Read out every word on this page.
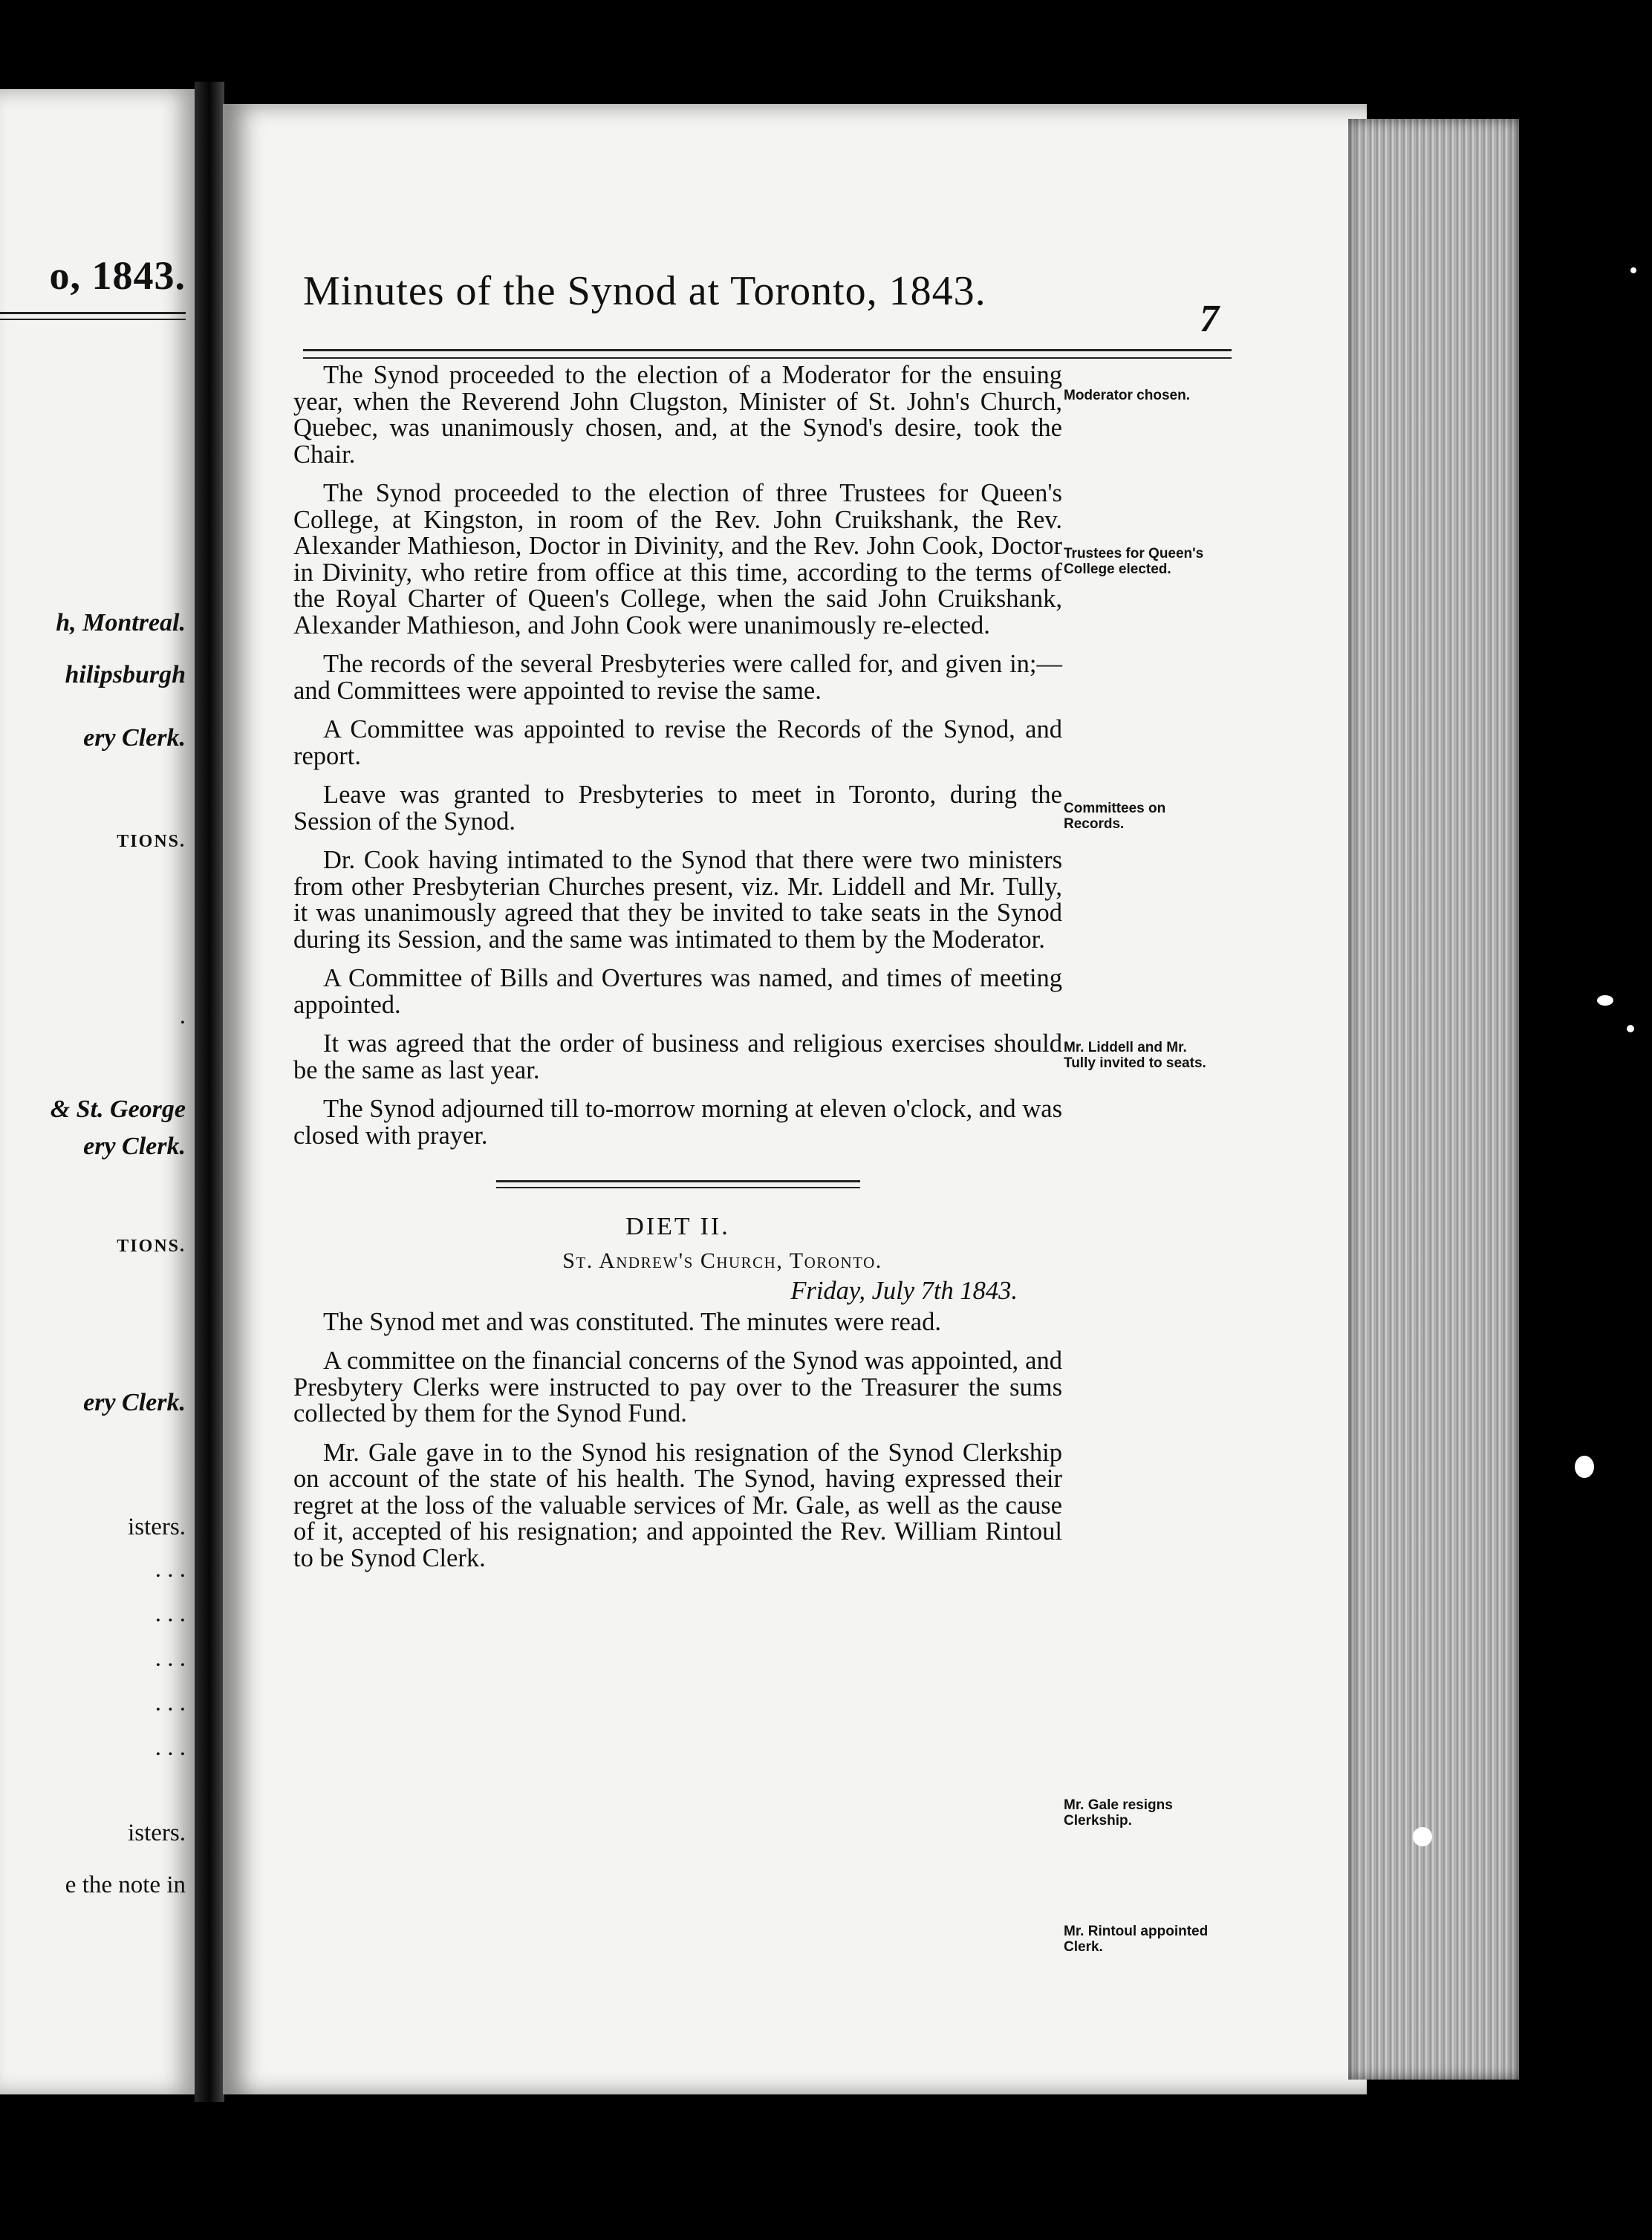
o, 1843.
h, Montreal.
hilipsburgh
ery Clerk.
TIONS.
.
& St. George
ery Clerk.
TIONS.
ery Clerk.
isters.
. . .
. . .
. . .
. . .
. . .
isters.
e the note in
Minutes of the Synod at Toronto, 1843.
7

The Synod proceeded to the election of a Moderator for the ensuing year, when the Reverend John Clugston, Minister of St. John's Church, Quebec, was unanimously chosen, and, at the Synod's desire, took the Chair.

The Synod proceeded to the election of three Trustees for Queen's College, at Kingston, in room of the Rev. John Cruikshank, the Rev. Alexander Mathieson, Doctor in Divinity, and the Rev. John Cook, Doctor in Divinity, who retire from office at this time, according to the terms of the Royal Charter of Queen's College, when the said John Cruikshank, Alexander Mathieson, and John Cook were unanimously re-elected.

The records of the several Presbyteries were called for, and given in;—and Committees were appointed to revise the same.

A Committee was appointed to revise the Records of the Synod, and report.

Leave was granted to Presbyteries to meet in Toronto, during the Session of the Synod.

Dr. Cook having intimated to the Synod that there were two ministers from other Presbyterian Churches present, viz. Mr. Liddell and Mr. Tully, it was unanimously agreed that they be invited to take seats in the Synod during its Session, and the same was intimated to them by the Moderator.

A Committee of Bills and Overtures was named, and times of meeting appointed.

It was agreed that the order of business and religious exercises should be the same as last year.

The Synod adjourned till to-morrow morning at eleven o'clock, and was closed with prayer.

DIET II.

St. Andrew's Church, Toronto.

Friday, July 7th 1843.

The Synod met and was constituted. The minutes were read.

A committee on the financial concerns of the Synod was appointed, and Presbytery Clerks were instructed to pay over to the Treasurer the sums collected by them for the Synod Fund.

Mr. Gale gave in to the Synod his resignation of the Synod Clerkship on account of the state of his health. The Synod, having expressed their regret at the loss of the valuable services of Mr. Gale, as well as the cause of it, accepted of his resignation; and appointed the Rev. William Rintoul to be Synod Clerk.

Moderator chosen.
Trustees for Queen's College elected.
Committees on Records.
Mr. Liddell and Mr. Tully invited to seats.
Mr. Gale resigns Clerkship.
Mr. Rintoul appointed Clerk.
